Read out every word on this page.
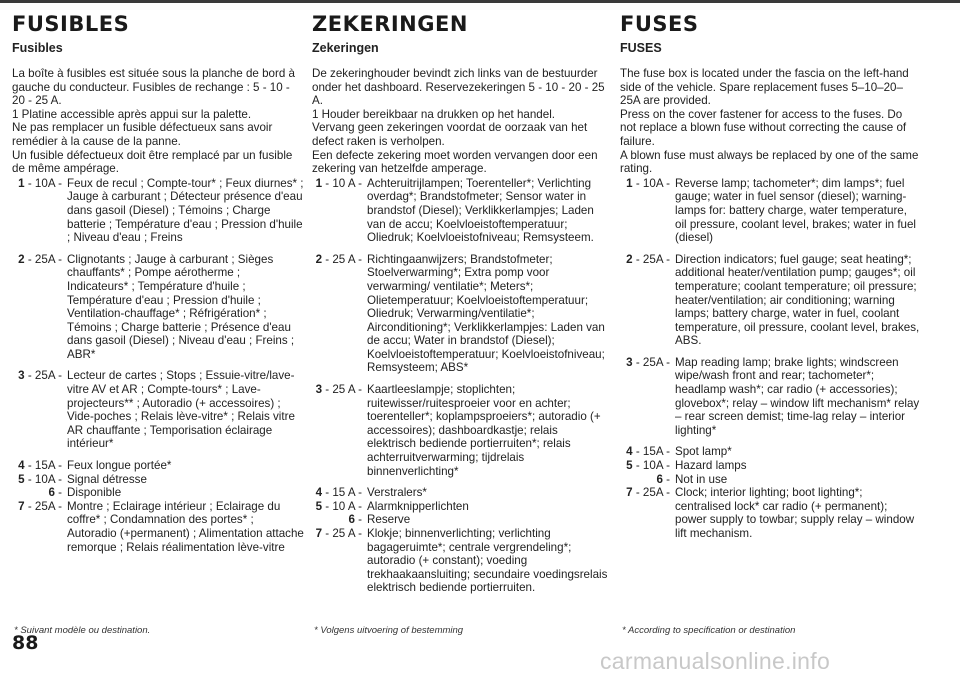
FUSIBLES
Fusibles

La boîte à fusibles est située sous la planche de bord à gauche du conducteur. Fusibles de rechange : 5 - 10 - 20 - 25 A.

1 Platine accessible après appui sur la palette.

Ne pas remplacer un fusible défectueux sans avoir remédier à la cause de la panne.

Un fusible défectueux doit être remplacé par un fusible de même ampérage.

1 - 10A - Feux de recul ; Compte-tour* ; Feux diurnes* ; Jauge à carburant ; Détecteur présence d'eau dans gasoil (Diesel) ; Témoins ; Charge batterie ; Température d'eau ; Pression d'huile ; Niveau d'eau ; Freins
2 - 25A - Clignotants ; Jauge à carburant ; Sièges chauffants* ; Pompe aérotherme ; Indicateurs* ; Température d'huile ; Température d'eau ; Pression d'huile ; Ventilation-chauffage* ; Réfrigération* ; Témoins ; Charge batterie ; Présence d'eau dans gasoil (Diesel) ; Niveau d'eau ; Freins ; ABR*
3 - 25A - Lecteur de cartes ; Stops ; Essuie-vitre/lave-vitre AV et AR ; Compte-tours* ; Lave-projecteurs** ; Autoradio (+ accessoires) ; Vide-poches ; Relais lève-vitre* ; Relais vitre AR chauffante ; Temporisation éclairage intérieur*
4 - 15A - Feux longue portée*
5 - 10A - Signal détresse
6 - Disponible
7 - 25A - Montre ; Eclairage intérieur ; Eclairage du coffre* ; Condamnation des portes* ; Autoradio (+permanent) ; Alimentation attache remorque ; Relais réalimentation lève-vitre
ZEKERINGEN
Zekeringen

De zekeringhouder bevindt zich links van de bestuurder onder het dashboard. Reservezekeringen 5 - 10 - 20 - 25 A.

1 Houder bereikbaar na drukken op het handel.

Vervang geen zekeringen voordat de oorzaak van het defect raken is verholpen.

Een defecte zekering moet worden vervangen door een zekering van hetzelfde amperage.

1 - 10 A - Achteruitrijlampen; Toerenteller*; Verlichting overdag*; Brandstofmeter; Sensor water in brandstof (Diesel); Verklikkerlampjes; Laden van de accu; Koelvloeistoftemperatuur; Oliedruk; Koelvloeistofniveau; Remsysteem.
2 - 25 A - Richtingaanwijzers; Brandstofmeter; Stoelverwarming*; Extra pomp voor verwarming/ ventilatie*; Meters*; Olietemperatuur; Koelvloeistoftemperatuur; Oliedruk; Verwarming/ventilatie*; Airconditioning*; Verklikkerlampjes: Laden van de accu; Water in brandstof (Diesel); Koelvloeistoftemperatuur; Koelvloeistofniveau; Remsysteem; ABS*
3 - 25 A - Kaartleeslampje; stoplichten; ruitewisser/ruitesproeier voor en achter; toerenteller*; koplampsproeiers*; autoradio (+ accessoires); dashboardkastje; relais elektrisch bediende portierruiten*; relais achterruitverwarming; tijdrelais binnenverlichting*
4 - 15 A - Verstralers*
5 - 10 A - Alarmknipperlichten
6 - Reserve
7 - 25 A - Klokje; binnenverlichting; verlichting bagageruimte*; centrale vergrendeling*; autoradio (+ constant); voeding trekhaakaansluiting; secundaire voedingsrelais elektrisch bediende portierruiten.
FUSES
FUSES

The fuse box is located under the fascia on the left-hand side of the vehicle. Spare replacement fuses 5–10–20–25A are provided.

Press on the cover fastener for access to the fuses. Do not replace a blown fuse without correcting the cause of failure.

A blown fuse must always be replaced by one of the same rating.

1 - 10A - Reverse lamp; tachometer*; dim lamps*; fuel gauge; water in fuel sensor (diesel); warning-lamps for: battery charge, water temperature, oil pressure, coolant level, brakes; water in fuel (diesel)
2 - 25A - Direction indicators; fuel gauge; seat heating*; additional heater/ventilation pump; gauges*; oil temperature; coolant temperature; oil pressure; heater/ventilation; air conditioning; warning lamps; battery charge, water in fuel, coolant temperature, oil pressure, coolant level, brakes, ABS.
3 - 25A - Map reading lamp; brake lights; windscreen wipe/wash front and rear; tachometer*; headlamp wash*; car radio (+ accessories); glovebox*; relay – window lift mechanism* relay – rear screen demist; time-lag relay – interior lighting*
4 - 15A - Spot lamp*
5 - 10A - Hazard lamps
6 - Not in use
7 - 25A - Clock; interior lighting; boot lighting*; centralised lock* car radio (+ permanent); power supply to towbar; supply relay – window lift mechanism.
* Suivant modèle ou destination.	* Volgens uitvoering of bestemming	* According to specification or destination
88
carmanualsonline.info
